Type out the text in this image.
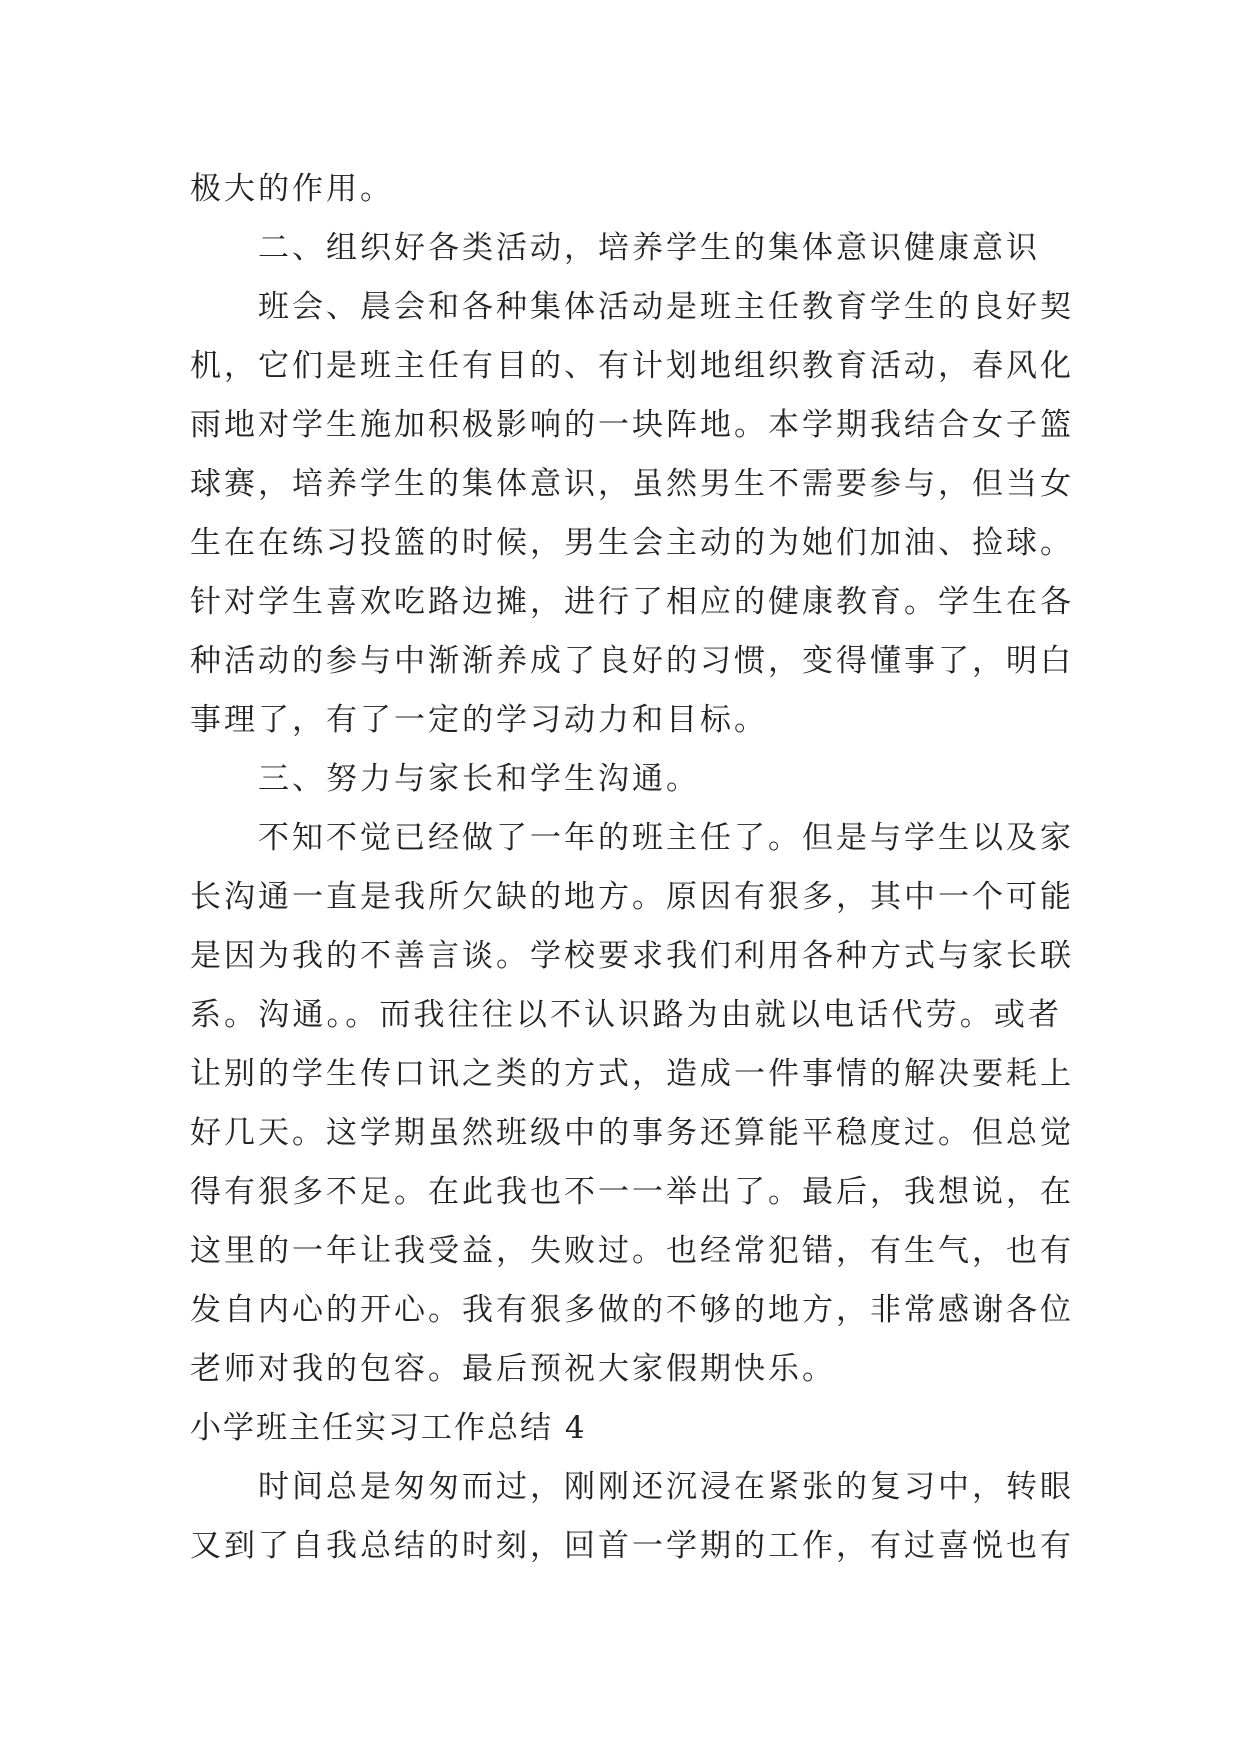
极大的作用。

二、组织好各类活动，培养学生的集体意识健康意识

班会、晨会和各种集体活动是班主任教育学生的良好契
机，它们是班主任有目的、有计划地组织教育活动，春风化
雨地对学生施加积极影响的一块阵地。本学期我结合女子篮
球赛，培养学生的集体意识，虽然男生不需要参与，但当女
生在在练习投篮的时候，男生会主动的为她们加油、捡球。
针对学生喜欢吃路边摊，进行了相应的健康教育。学生在各
种活动的参与中渐渐养成了良好的习惯，变得懂事了，明白
事理了，有了一定的学习动力和目标。

三、努力与家长和学生沟通。

不知不觉已经做了一年的班主任了。但是与学生以及家
长沟通一直是我所欠缺的地方。原因有狠多，其中一个可能
是因为我的不善言谈。学校要求我们利用各种方式与家长联
系。沟通。。而我往往以不认识路为由就以电话代劳。或者
让别的学生传口讯之类的方式，造成一件事情的解决要耗上
好几天。这学期虽然班级中的事务还算能平稳度过。但总觉
得有狠多不足。在此我也不一一举出了。最后，我想说，在
这里的一年让我受益，失败过。也经常犯错，有生气，也有
发自内心的开心。我有狠多做的不够的地方，非常感谢各位
老师对我的包容。最后预祝大家假期快乐。

小学班主任实习工作总结 4

时间总是匆匆而过，刚刚还沉浸在紧张的复习中，转眼
又到了自我总结的时刻，回首一学期的工作，有过喜悦也有
